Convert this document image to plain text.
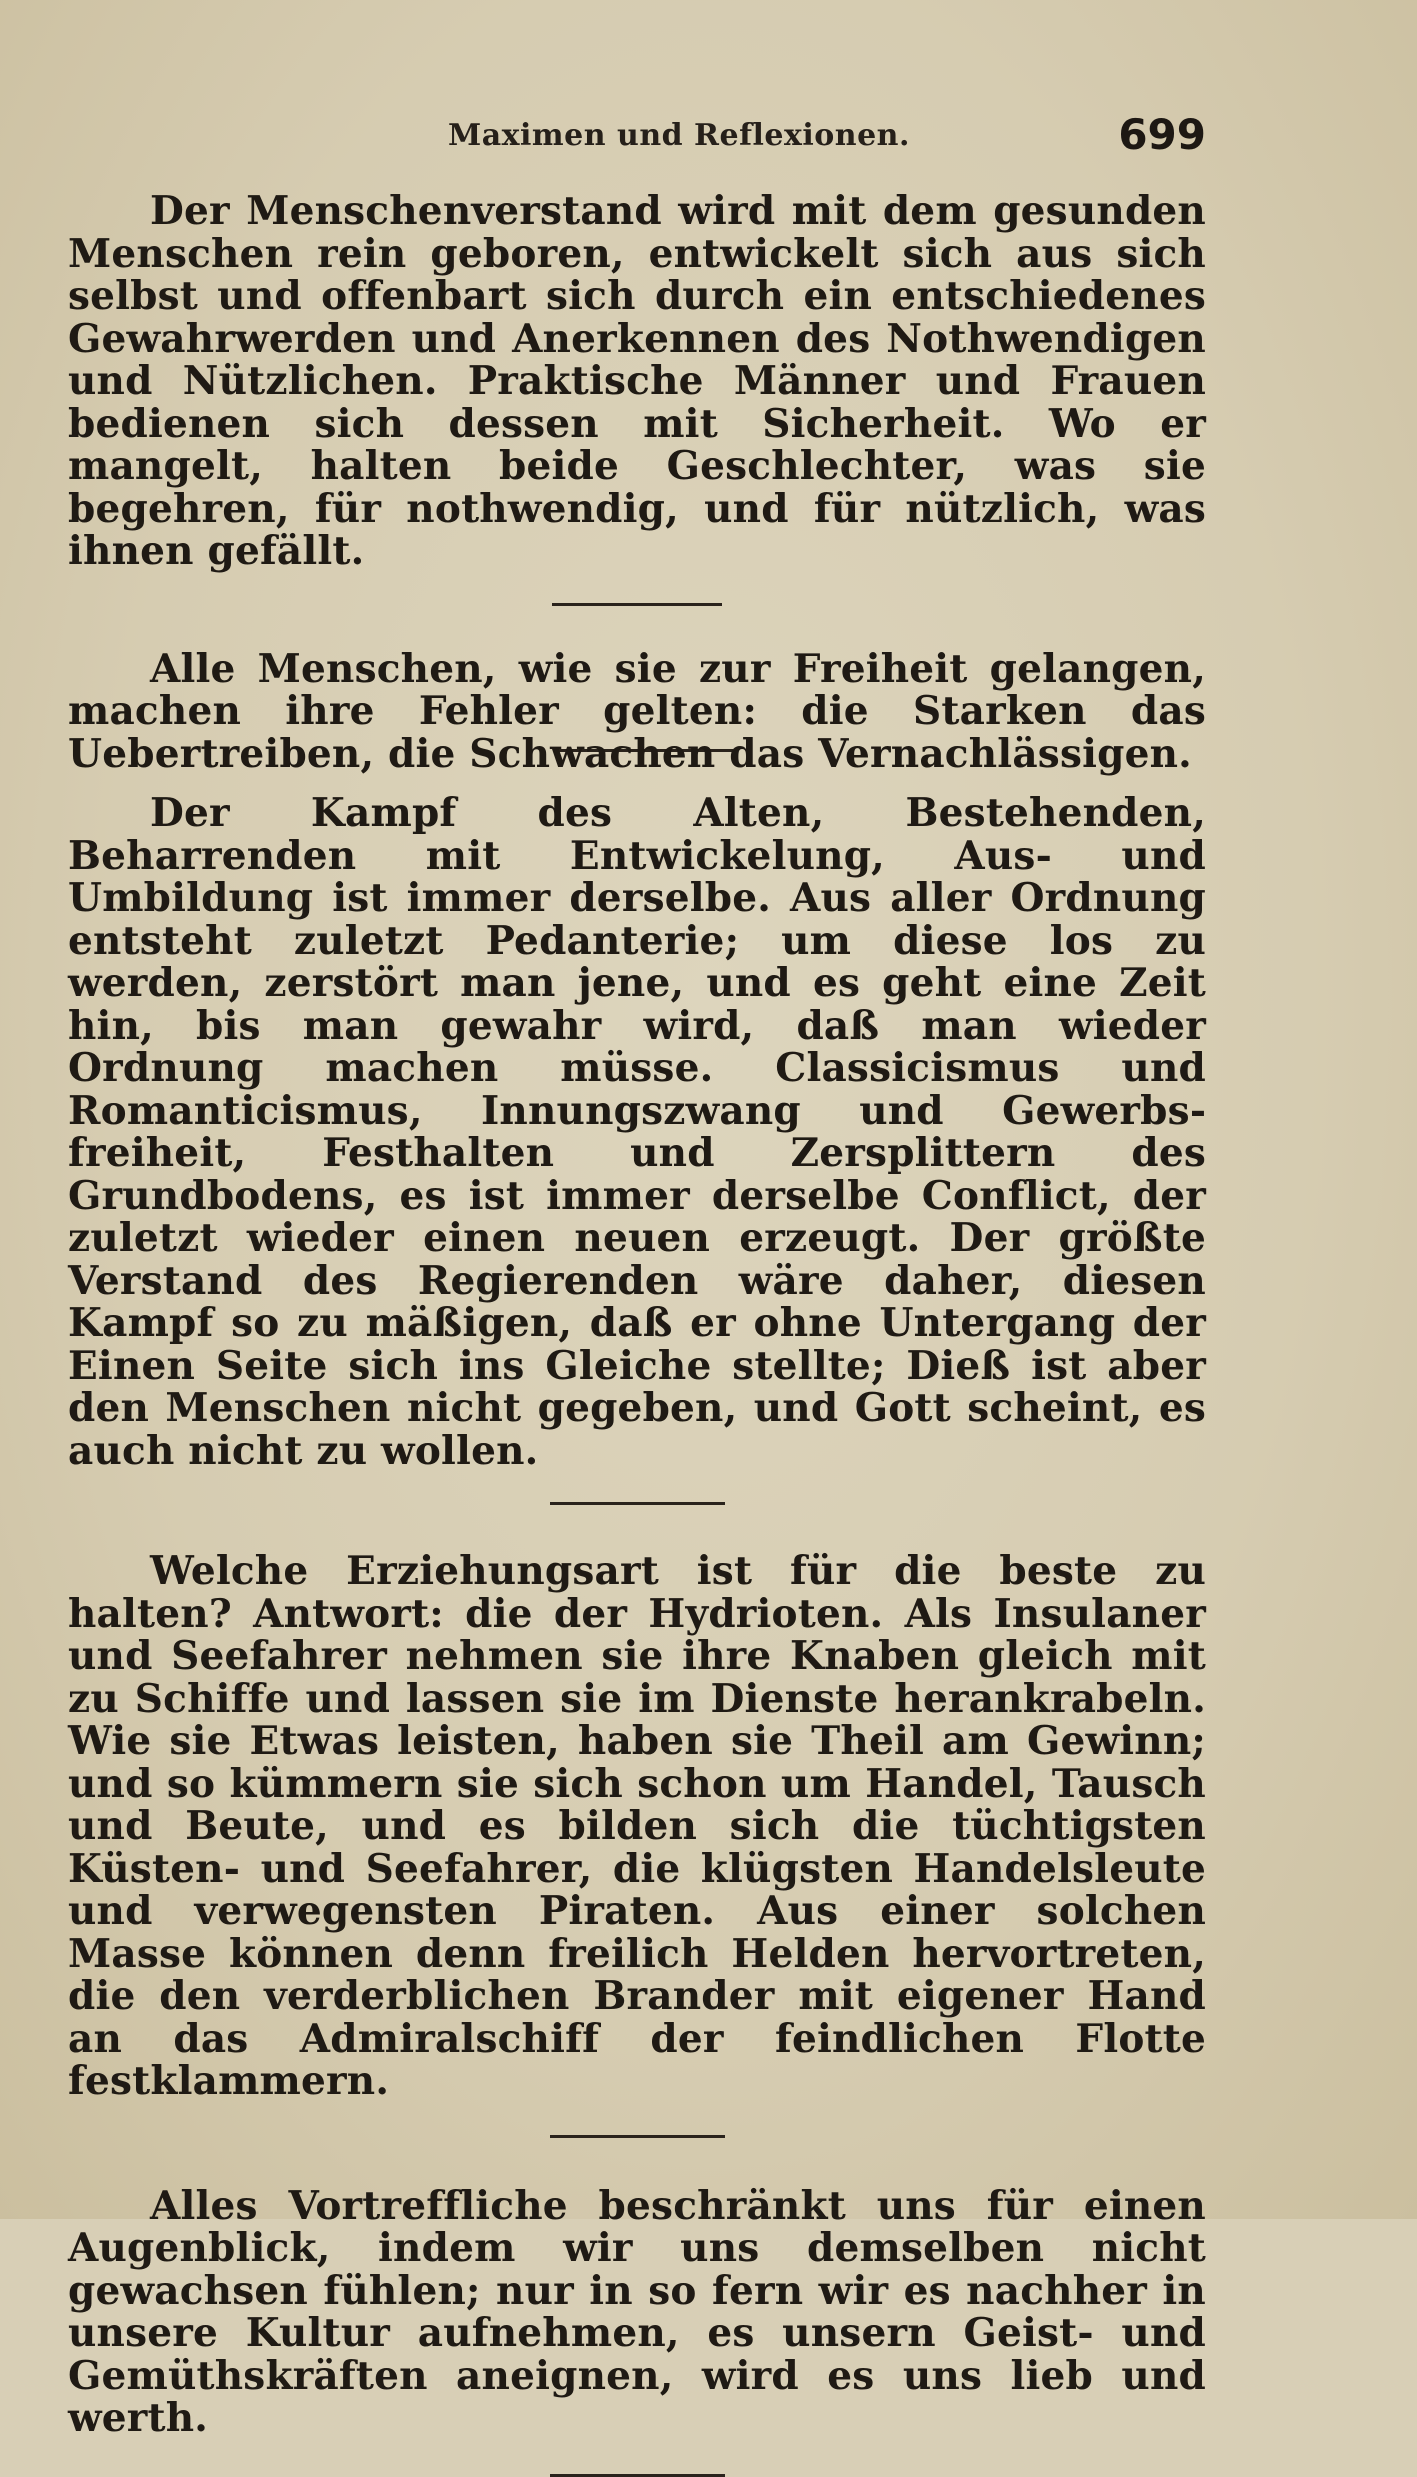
Maximen und Reflexionen.	699

Der Menschenverstand wird mit dem gesunden Menschen rein geboren, entwickelt sich aus sich selbst und offenbart sich durch ein entschiedenes Gewahrwerden und Anerkennen des Nothwendigen und Nützlichen. Praktische Männer und Frauen bedienen sich dessen mit Sicherheit. Wo er mangelt, halten beide Geschlechter, was sie begehren, für nothwendig, und für nützlich, was ihnen gefällt.

Alle Menschen, wie sie zur Freiheit gelangen, machen ihre Fehler gelten: die Starken das Uebertreiben, die Schwachen das Vernachlässigen.

Der Kampf des Alten, Bestehenden, Beharrenden mit Entwickelung, Aus- und Umbildung ist immer derselbe. Aus aller Ordnung entsteht zuletzt Pedanterie; um diese los zu werden, zerstört man jene, und es geht eine Zeit hin, bis man gewahr wird, daß man wieder Ordnung machen müsse. Classicismus und Romanticismus, Innungszwang und Gewerbsfreiheit, Festhalten und Zersplittern des Grundbodens, es ist immer derselbe Conflict, der zuletzt wieder einen neuen erzeugt. Der größte Verstand des Regierenden wäre daher, diesen Kampf so zu mäßigen, daß er ohne Untergang der Einen Seite sich ins Gleiche stellte; Dieß ist aber den Menschen nicht gegeben, und Gott scheint, es auch nicht zu wollen.

Welche Erziehungsart ist für die beste zu halten? Antwort: die der Hydrioten. Als Insulaner und Seefahrer nehmen sie ihre Knaben gleich mit zu Schiffe und lassen sie im Dienste herankrabeln. Wie sie Etwas leisten, haben sie Theil am Gewinn; und so kümmern sie sich schon um Handel, Tausch und Beute, und es bilden sich die tüchtigsten Küsten- und Seefahrer, die klügsten Handelsleute und verwegensten Piraten. Aus einer solchen Masse können denn freilich Helden hervortreten, die den verderblichen Brander mit eigener Hand an das Admiralschiff der feindlichen Flotte festklammern.

Alles Vortreffliche beschränkt uns für einen Augenblick, indem wir uns demselben nicht gewachsen fühlen; nur in so fern wir es nachher in unsere Kultur aufnehmen, es unsern Geist- und Gemüthskräften aneignen, wird es uns lieb und werth.
